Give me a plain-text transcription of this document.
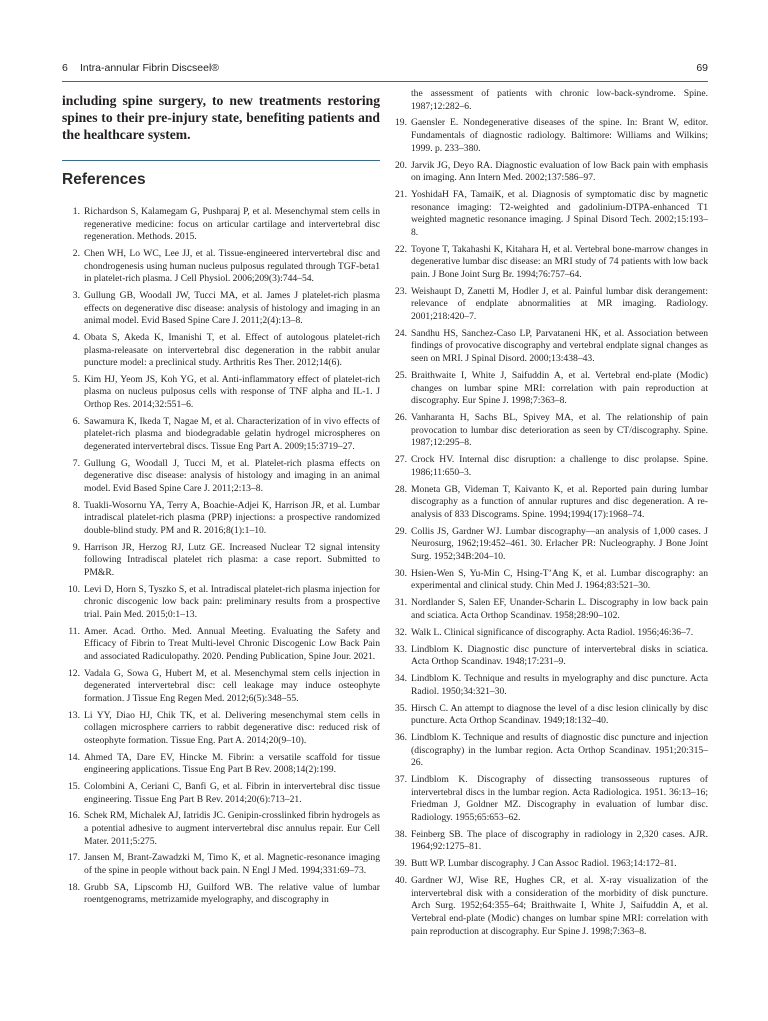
6 Intra-annular Fibrin Discseel®	69

including spine surgery, to new treatments restoring spines to their pre-injury state, benefiting patients and the healthcare system.

References
1. Richardson S, Kalamegam G, Pushparaj P, et al. Mesenchymal stem cells in regenerative medicine: focus on articular cartilage and intervertebral disc regeneration. Methods. 2015.
2. Chen WH, Lo WC, Lee JJ, et al. Tissue-engineered intervertebral disc and chondrogenesis using human nucleus pulposus regulated through TGF-beta1 in platelet-rich plasma. J Cell Physiol. 2006;209(3):744–54.
3. Gullung GB, Woodall JW, Tucci MA, et al. James J platelet-rich plasma effects on degenerative disc disease: analysis of histology and imaging in an animal model. Evid Based Spine Care J. 2011;2(4):13–8.
4. Obata S, Akeda K, Imanishi T, et al. Effect of autologous platelet-rich plasma-releasate on intervertebral disc degeneration in the rabbit anular puncture model: a preclinical study. Arthritis Res Ther. 2012;14(6).
5. Kim HJ, Yeom JS, Koh YG, et al. Anti-inflammatory effect of platelet-rich plasma on nucleus pulposus cells with response of TNF alpha and IL-1. J Orthop Res. 2014;32:551–6.
6. Sawamura K, Ikeda T, Nagae M, et al. Characterization of in vivo effects of platelet-rich plasma and biodegradable gelatin hydrogel microspheres on degenerated intervertebral discs. Tissue Eng Part A. 2009;15:3719–27.
7. Gullung G, Woodall J, Tucci M, et al. Platelet-rich plasma effects on degenerative disc disease: analysis of histology and imaging in an animal model. Evid Based Spine Care J. 2011;2:13–8.
8. Tuakli-Wosornu YA, Terry A, Boachie-Adjei K, Harrison JR, et al. Lumbar intradiscal platelet-rich plasma (PRP) injections: a prospective randomized double-blind study. PM and R. 2016;8(1):1–10.
9. Harrison JR, Herzog RJ, Lutz GE. Increased Nuclear T2 signal intensity following Intradiscal platelet rich plasma: a case report. Submitted to PM&R.
10. Levi D, Horn S, Tyszko S, et al. Intradiscal platelet-rich plasma injection for chronic discogenic low back pain: preliminary results from a prospective trial. Pain Med. 2015;0:1–13.
11. Amer. Acad. Ortho. Med. Annual Meeting. Evaluating the Safety and Efficacy of Fibrin to Treat Multi-level Chronic Discogenic Low Back Pain and associated Radiculopathy. 2020. Pending Publication, Spine Jour. 2021.
12. Vadala G, Sowa G, Hubert M, et al. Mesenchymal stem cells injection in degenerated intervertebral disc: cell leakage may induce osteophyte formation. J Tissue Eng Regen Med. 2012;6(5):348–55.
13. Li YY, Diao HJ, Chik TK, et al. Delivering mesenchymal stem cells in collagen microsphere carriers to rabbit degenerative disc: reduced risk of osteophyte formation. Tissue Eng. Part A. 2014;20(9–10).
14. Ahmed TA, Dare EV, Hincke M. Fibrin: a versatile scaffold for tissue engineering applications. Tissue Eng Part B Rev. 2008;14(2):199.
15. Colombini A, Ceriani C, Banfi G, et al. Fibrin in intervertebral disc tissue engineering. Tissue Eng Part B Rev. 2014;20(6):713–21.
16. Schek RM, Michalek AJ, Iatridis JC. Genipin-crosslinked fibrin hydrogels as a potential adhesive to augment intervertebral disc annulus repair. Eur Cell Mater. 2011;5:275.
17. Jansen M, Brant-Zawadzki M, Timo K, et al. Magnetic-resonance imaging of the spine in people without back pain. N Engl J Med. 1994;331:69–73.
18. Grubb SA, Lipscomb HJ, Guilford WB. The relative value of lumbar roentgenograms, metrizamide myelography, and discography in
the assessment of patients with chronic low-back-syndrome. Spine. 1987;12:282–6.
19. Gaensler E. Nondegenerative diseases of the spine. In: Brant W, editor. Fundamentals of diagnostic radiology. Baltimore: Williams and Wilkins; 1999. p. 233–380.
20. Jarvik JG, Deyo RA. Diagnostic evaluation of low Back pain with emphasis on imaging. Ann Intern Med. 2002;137:586–97.
21. YoshidaH FA, TamaiK, et al. Diagnosis of symptomatic disc by magnetic resonance imaging: T2-weighted and gadolinium-DTPA-enhanced T1 weighted magnetic resonance imaging. J Spinal Disord Tech. 2002;15:193–8.
22. Toyone T, Takahashi K, Kitahara H, et al. Vertebral bone-marrow changes in degenerative lumbar disc disease: an MRI study of 74 patients with low back pain. J Bone Joint Surg Br. 1994;76:757–64.
23. Weishaupt D, Zanetti M, Hodler J, et al. Painful lumbar disk derangement: relevance of endplate abnormalities at MR imaging. Radiology. 2001;218:420–7.
24. Sandhu HS, Sanchez-Caso LP, Parvataneni HK, et al. Association between findings of provocative discography and vertebral endplate signal changes as seen on MRI. J Spinal Disord. 2000;13:438–43.
25. Braithwaite I, White J, Saifuddin A, et al. Vertebral end-plate (Modic) changes on lumbar spine MRI: correlation with pain reproduction at discography. Eur Spine J. 1998;7:363–8.
26. Vanharanta H, Sachs BL, Spivey MA, et al. The relationship of pain provocation to lumbar disc deterioration as seen by CT/discography. Spine. 1987;12:295–8.
27. Crock HV. Internal disc disruption: a challenge to disc prolapse. Spine. 1986;11:650–3.
28. Moneta GB, Videman T, Kaivanto K, et al. Reported pain during lumbar discography as a function of annular ruptures and disc degeneration. A re-analysis of 833 Discograms. Spine. 1994;1994(17):1968–74.
29. Collis JS, Gardner WJ. Lumbar discography—an analysis of 1,000 cases. J Neurosurg, 1962;19:452–461. 30. Erlacher PR: Nucleography. J Bone Joint Surg. 1952;34B:204–10.
30. Hsien-Wen S, Yu-Min C, Hsing-T’Ang K, et al. Lumbar discography: an experimental and clinical study. Chin Med J. 1964;83:521–30.
31. Nordlander S, Salen EF, Unander-Scharin L. Discography in low back pain and sciatica. Acta Orthop Scandinav. 1958;28:90–102.
32. Walk L. Clinical significance of discography. Acta Radiol. 1956;46:36–7.
33. Lindblom K. Diagnostic disc puncture of intervertebral disks in sciatica. Acta Orthop Scandinav. 1948;17:231–9.
34. Lindblom K. Technique and results in myelography and disc puncture. Acta Radiol. 1950;34:321–30.
35. Hirsch C. An attempt to diagnose the level of a disc lesion clinically by disc puncture. Acta Orthop Scandinav. 1949;18:132–40.
36. Lindblom K. Technique and results of diagnostic disc puncture and injection (discography) in the lumbar region. Acta Orthop Scandinav. 1951;20:315–26.
37. Lindblom K. Discography of dissecting transosseous ruptures of intervertebral discs in the lumbar region. Acta Radiologica. 1951. 36:13–16; Friedman J, Goldner MZ. Discography in evaluation of lumbar disc. Radiology. 1955;65:653–62.
38. Feinberg SB. The place of discography in radiology in 2,320 cases. AJR. 1964;92:1275–81.
39. Butt WP. Lumbar discography. J Can Assoc Radiol. 1963;14:172–81.
40. Gardner WJ, Wise RE, Hughes CR, et al. X-ray visualization of the intervertebral disk with a consideration of the morbidity of disk puncture. Arch Surg. 1952;64:355–64; Braithwaite I, White J, Saifuddin A, et al. Vertebral end-plate (Modic) changes on lumbar spine MRI: correlation with pain reproduction at discography. Eur Spine J. 1998;7:363–8.
